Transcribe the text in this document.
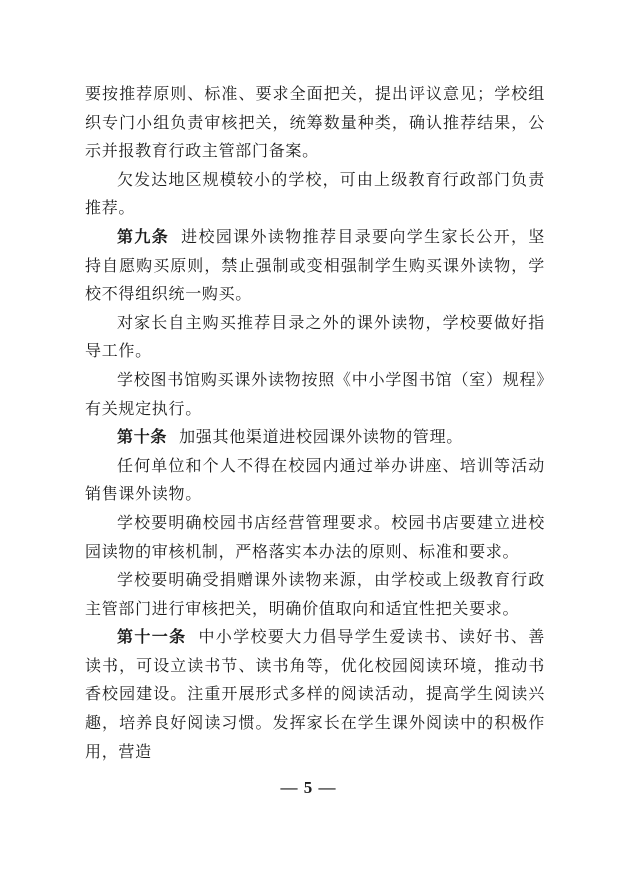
要按推荐原则、标准、要求全面把关，提出评议意见；学校组织专门小组负责审核把关，统筹数量种类，确认推荐结果，公示并报教育行政主管部门备案。

欠发达地区规模较小的学校，可由上级教育行政部门负责推荐。

第九条 进校园课外读物推荐目录要向学生家长公开，坚持自愿购买原则，禁止强制或变相强制学生购买课外读物，学校不得组织统一购买。

对家长自主购买推荐目录之外的课外读物，学校要做好指导工作。

学校图书馆购买课外读物按照《中小学图书馆（室）规程》有关规定执行。

第十条 加强其他渠道进校园课外读物的管理。

任何单位和个人不得在校园内通过举办讲座、培训等活动销售课外读物。

学校要明确校园书店经营管理要求。校园书店要建立进校园读物的审核机制，严格落实本办法的原则、标准和要求。

学校要明确受捐赠课外读物来源，由学校或上级教育行政主管部门进行审核把关，明确价值取向和适宜性把关要求。

第十一条 中小学校要大力倡导学生爱读书、读好书、善读书，可设立读书节、读书角等，优化校园阅读环境，推动书香校园建设。注重开展形式多样的阅读活动，提高学生阅读兴趣，培养良好阅读习惯。发挥家长在学生课外阅读中的积极作用，营造

— 5 —
